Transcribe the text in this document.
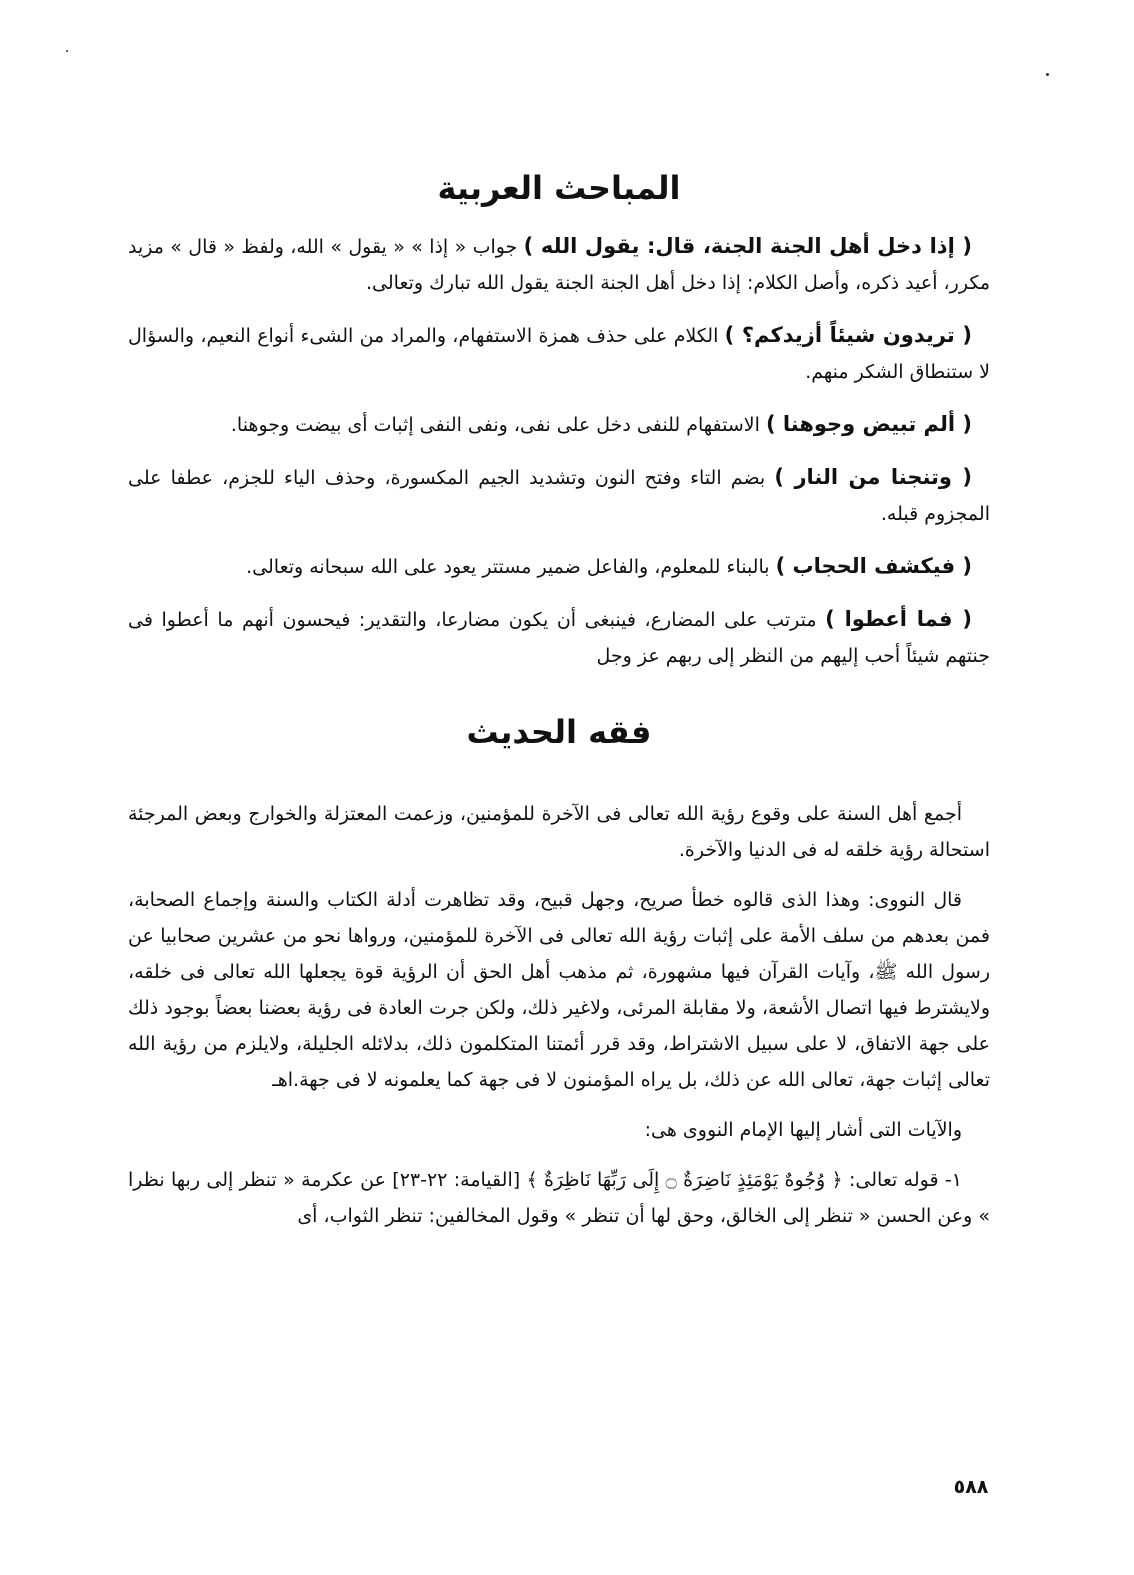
المباحث العربية

( إذا دخل أهل الجنة الجنة، قال: يقول الله ) جواب « إذا » « يقول » الله، ولفظ « قال » مزيد مكرر، أعيد ذكره، وأصل الكلام: إذا دخل أهل الجنة الجنة يقول الله تبارك وتعالى.

( تريدون شيئاً أزيدكم؟ ) الكلام على حذف همزة الاستفهام، والمراد من الشىء أنواع النعيم، والسؤال لا ستنطاق الشكر منهم.

( ألم تبيض وجوهنا ) الاستفهام للنفى دخل على نفى، ونفى النفى إثبات أى بيضت وجوهنا.

( وتنجنا من النار ) بضم التاء وفتح النون وتشديد الجيم المكسورة، وحذف الياء للجزم، عطفا على المجزوم قبله.

( فيكشف الحجاب ) بالبناء للمعلوم، والفاعل ضمير مستتر يعود على الله سبحانه وتعالى.

( فما أعطوا ) مترتب على المضارع، فينبغى أن يكون مضارعا، والتقدير: فيحسون أنهم ما أعطوا فى جنتهم شيئاً أحب إليهم من النظر إلى ربهم عز وجل

فقه الحديث

أجمع أهل السنة على وقوع رؤية الله تعالى فى الآخرة للمؤمنين، وزعمت المعتزلة والخوارج وبعض المرجئة استحالة رؤية خلقه له فى الدنيا والآخرة.

قال النووى: وهذا الذى قالوه خطأ صريح، وجهل قبيح، وقد تظاهرت أدلة الكتاب والسنة وإجماع الصحابة، فمن بعدهم من سلف الأمة على إثبات رؤية الله تعالى فى الآخرة للمؤمنين، ورواها نحو من عشرين صحابيا عن رسول الله ﷺ، وآيات القرآن فيها مشهورة، ثم مذهب أهل الحق أن الرؤية قوة يجعلها الله تعالى فى خلقه، ولايشترط فيها اتصال الأشعة، ولا مقابلة المرئى، ولاغير ذلك، ولكن جرت العادة فى رؤية بعضنا بعضاً بوجود ذلك على جهة الاتفاق، لا على سبيل الاشتراط، وقد قرر أئمتنا المتكلمون ذلك، بدلائله الجليلة، ولايلزم من رؤية الله تعالى إثبات جهة، تعالى الله عن ذلك، بل يراه المؤمنون لا فى جهة كما يعلمونه لا فى جهة.اهـ

والآيات التى أشار إليها الإمام النووى هى:

١- قوله تعالى: ﴿ وُجُوهٌ يَوْمَئِذٍ نَاضِرَةٌ ۝ إِلَى رَبِّهَا نَاظِرَةٌ ﴾ [القيامة: ٢٢-٢٣] عن عكرمة « تنظر إلى ربها نظرا » وعن الحسن « تنظر إلى الخالق، وحق لها أن تنظر » وقول المخالفين: تنظر الثواب، أى

٥٨٨
